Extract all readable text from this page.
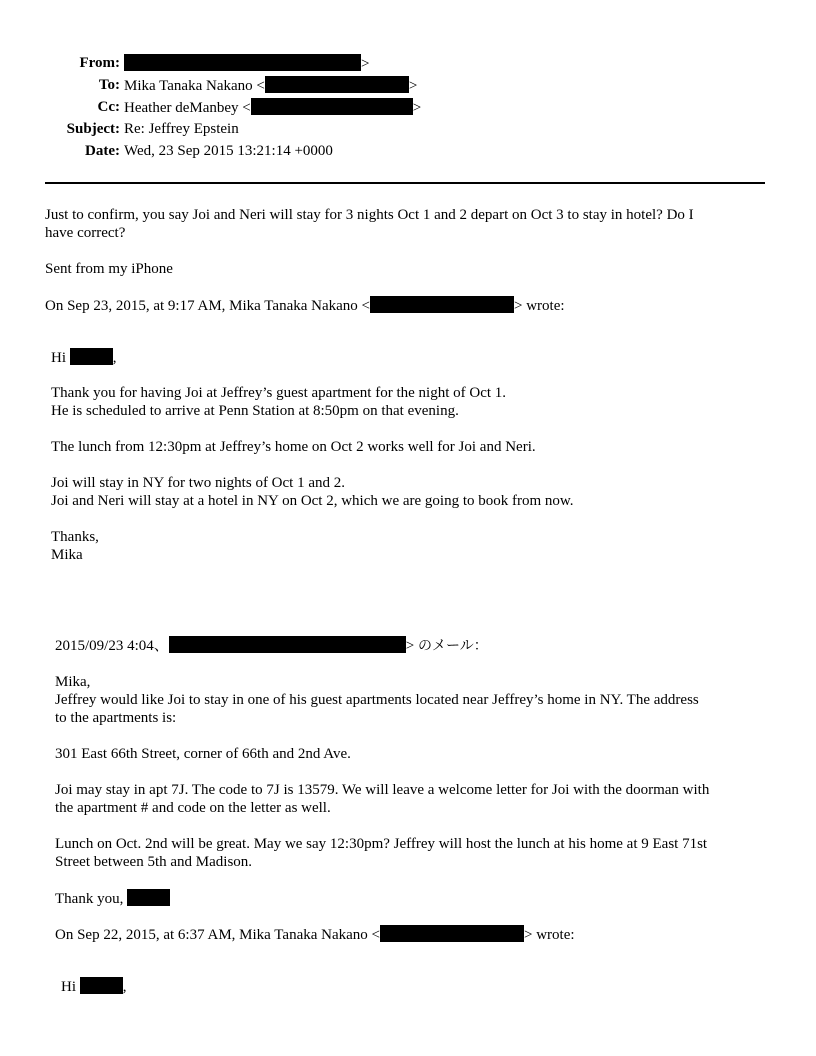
From:	>
To: Mika Tanaka Nakano <	>
Cc: Heather deManbey <	>
Subject: Re: Jeffrey Epstein
Date: Wed, 23 Sep 2015 13:21:14 +0000
Just to confirm, you say Joi and Neri will stay for 3 nights Oct 1 and 2 depart on Oct 3 to stay in hotel? Do I
have correct?
Sent from my iPhone
On Sep 23, 2015, at 9:17 AM, Mika Tanaka Nakano <	> wrote:
Hi	,
Thank you for having Joi at Jeffrey’s guest apartment for the night of Oct 1.
He is scheduled to arrive at Penn Station at 8:50pm on that evening.
The lunch from 12:30pm at Jeffrey’s home on Oct 2 works well for Joi and Neri.
Joi will stay in NY for two nights of Oct 1 and 2.
Joi and Neri will stay at a hotel in NY on Oct 2, which we are going to book from now.
Thanks,
Mika
2015/09/23 4:04、	> のメール：
Mika,
Jeffrey would like Joi to stay in one of his guest apartments located near Jeffrey’s home in NY. The address
to the apartments is:
301 East 66th Street, corner of 66th and 2nd Ave.
Joi may stay in apt 7J. The code to 7J is 13579. We will leave a welcome letter for Joi with the doorman with
the apartment # and code on the letter as well.
Lunch on Oct. 2nd will be great. May we say 12:30pm? Jeffrey will host the lunch at his home at 9 East 71st
Street between 5th and Madison.
Thank you,
On Sep 22, 2015, at 6:37 AM, Mika Tanaka Nakano <	> wrote:
Hi	,
